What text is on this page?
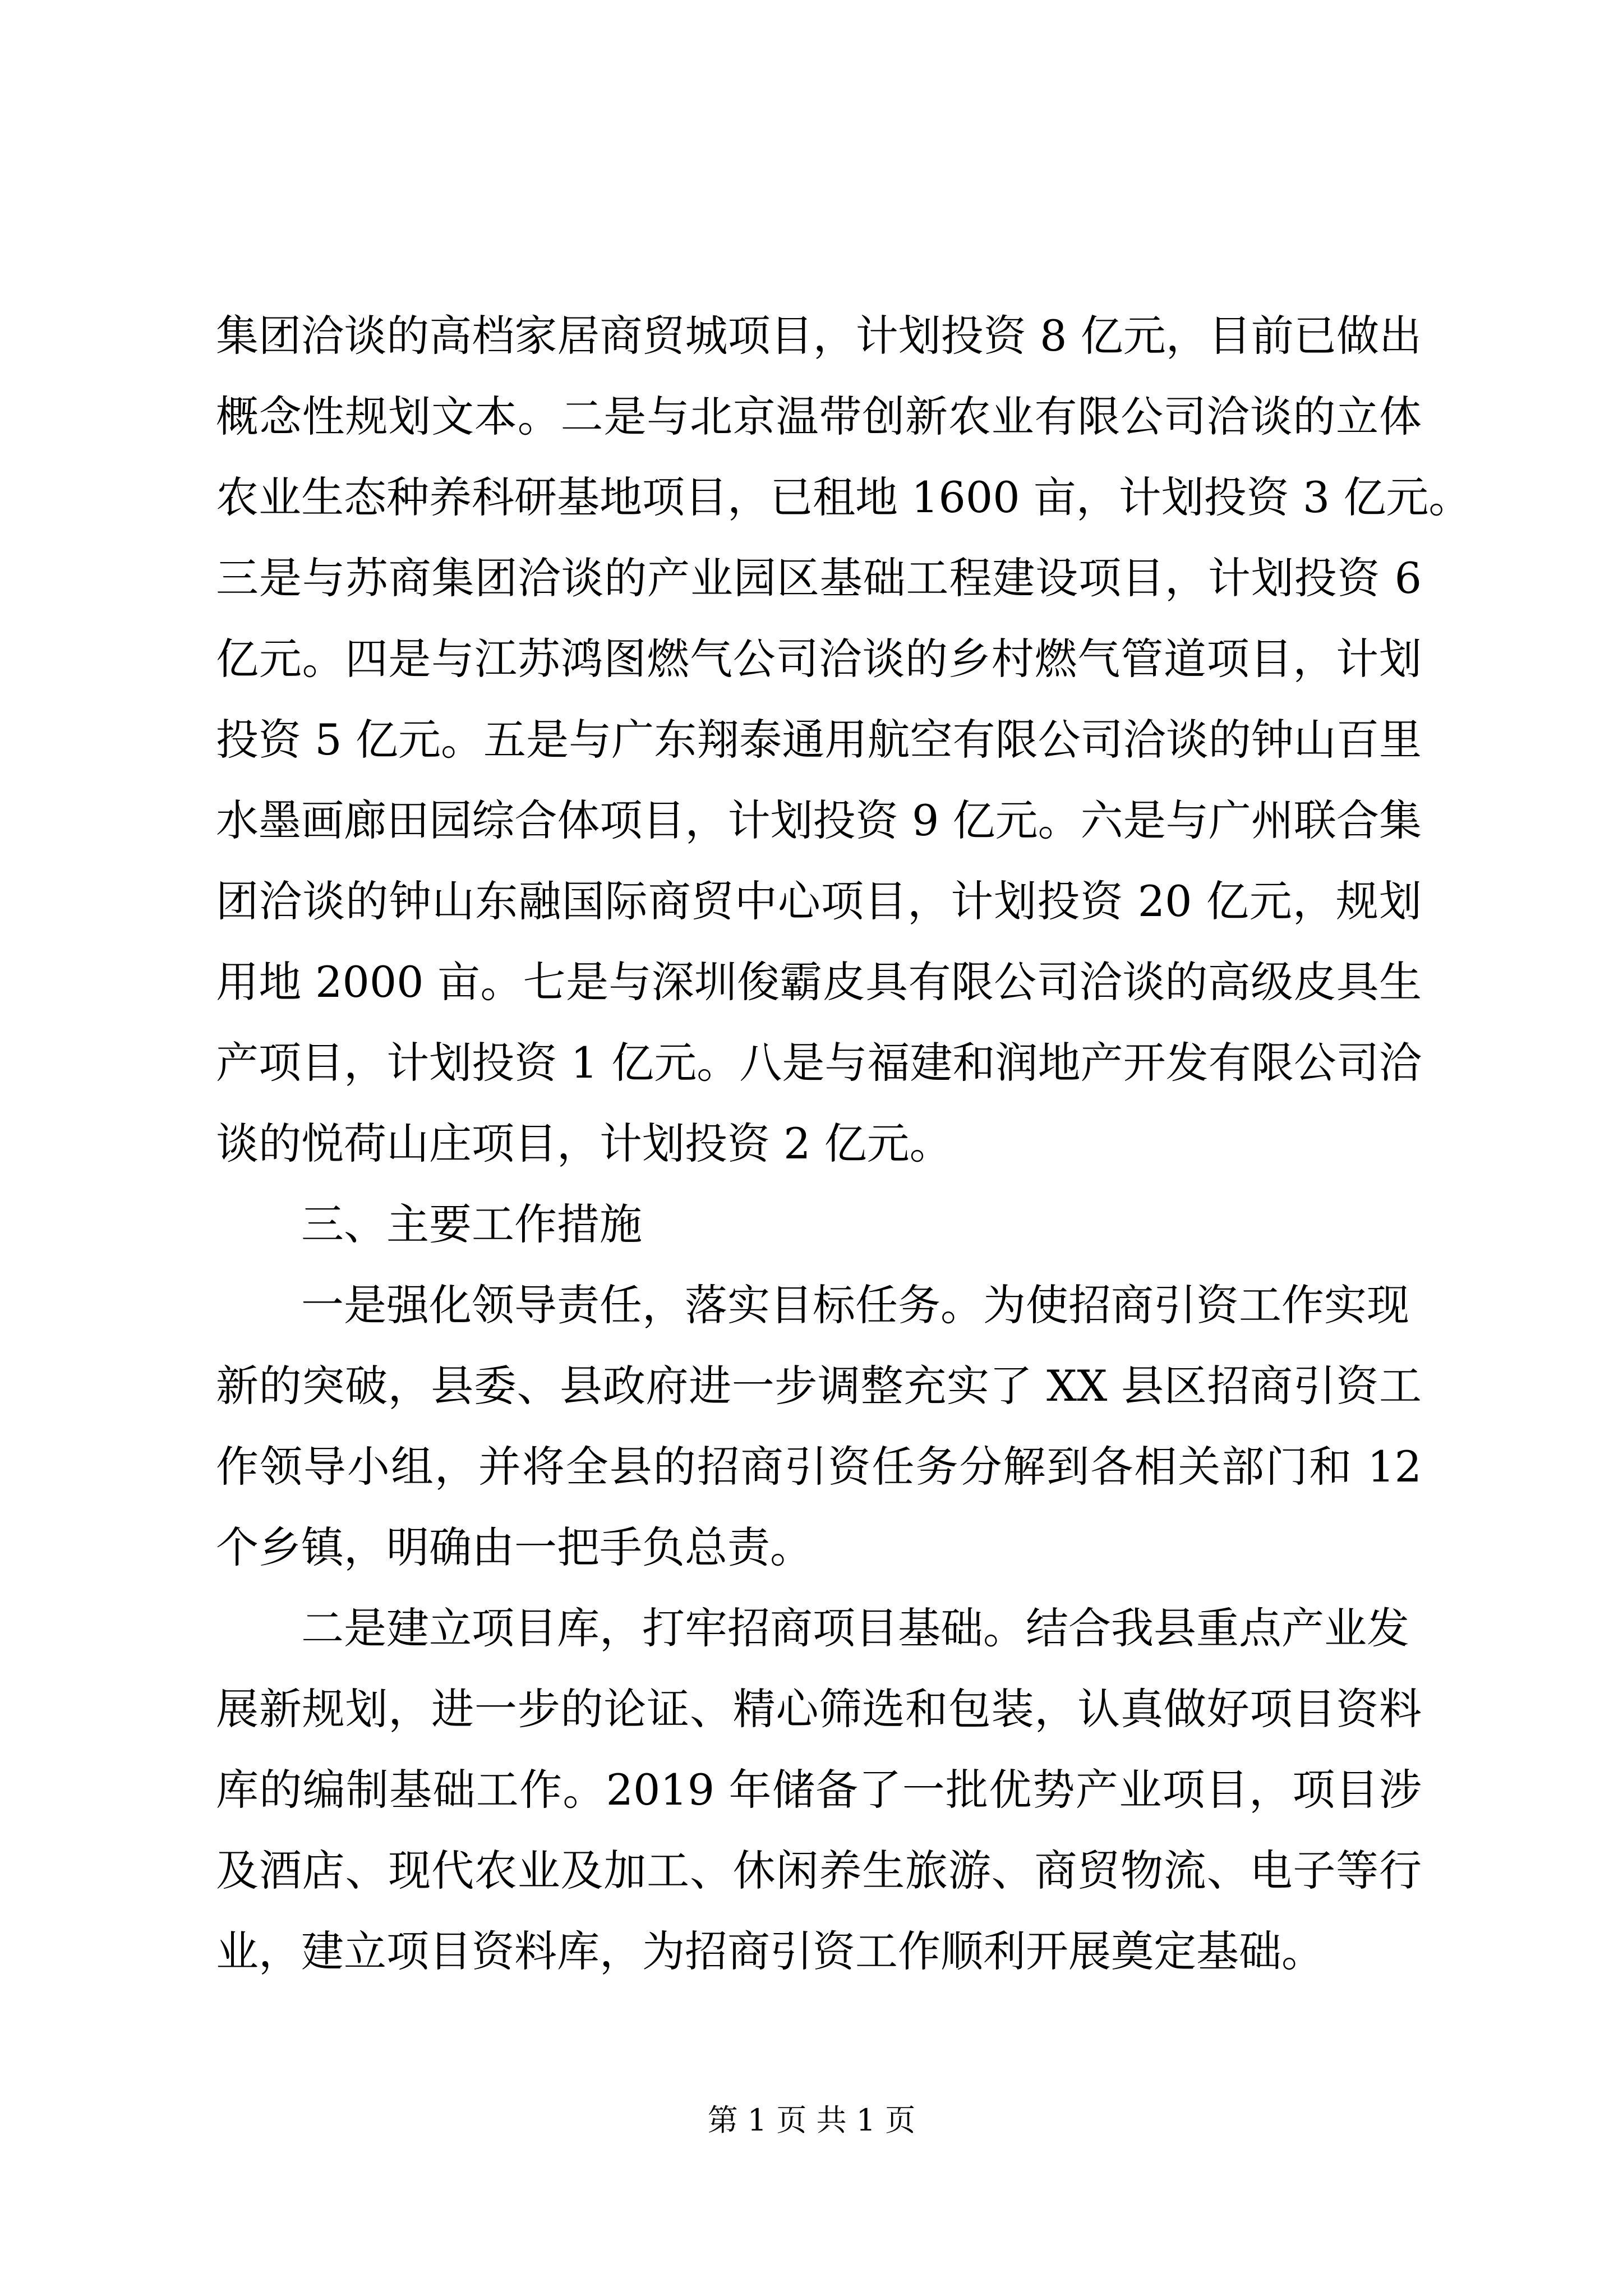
集团洽谈的高档家居商贸城项目，计划投资 8 亿元，目前已做出
概念性规划文本。二是与北京温带创新农业有限公司洽谈的立体
农业生态种养科研基地项目，已租地 1600 亩，计划投资 3 亿元。
三是与苏商集团洽谈的产业园区基础工程建设项目，计划投资 6
亿元。四是与江苏鸿图燃气公司洽谈的乡村燃气管道项目，计划
投资 5 亿元。五是与广东翔泰通用航空有限公司洽谈的钟山百里
水墨画廊田园综合体项目，计划投资 9 亿元。六是与广州联合集
团洽谈的钟山东融国际商贸中心项目，计划投资 20 亿元，规划
用地 2000 亩。七是与深圳俊霸皮具有限公司洽谈的高级皮具生
产项目，计划投资 1 亿元。八是与福建和润地产开发有限公司洽
谈的悦荷山庄项目，计划投资 2 亿元。
三、主要工作措施
一是强化领导责任，落实目标任务。为使招商引资工作实现
新的突破，县委、县政府进一步调整充实了 XX 县区招商引资工
作领导小组，并将全县的招商引资任务分解到各相关部门和 12
个乡镇，明确由一把手负总责。
二是建立项目库，打牢招商项目基础。结合我县重点产业发
展新规划，进一步的论证、精心筛选和包装，认真做好项目资料
库的编制基础工作。2019 年储备了一批优势产业项目，项目涉
及酒店、现代农业及加工、休闲养生旅游、商贸物流、电子等行
业，建立项目资料库，为招商引资工作顺利开展奠定基础。
第 1 页 共 1 页
